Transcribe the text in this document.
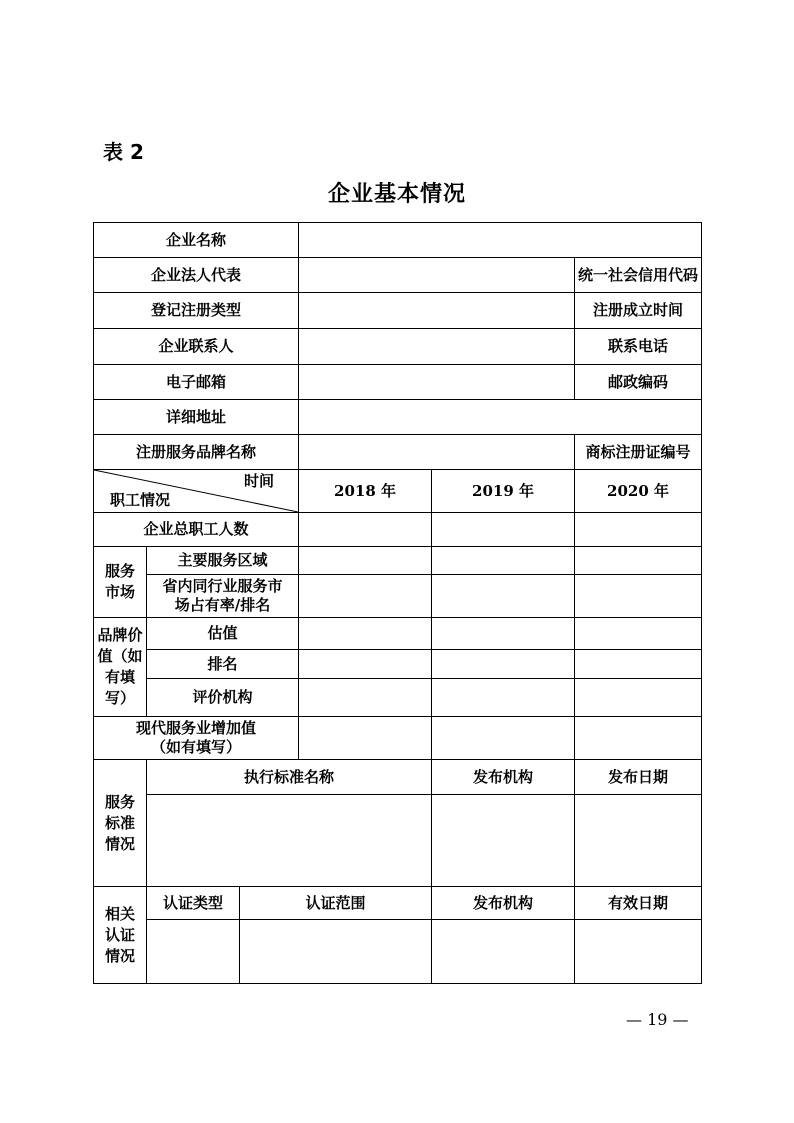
表 2
企业基本情况
企业名称						
企业法人代表					统一社会信用代码	
登记注册类型					注册成立时间	
企业联系人					联系电话	
电子邮箱					邮政编码	
详细地址						
注册服务品牌名称					商标注册证编号	

时间
职工情况			2018 年	2019 年	2020 年	
企业总职工人数						

服务市场	主要服务区域					

	省内同行业服务市场占有率/排名					

品牌价值（如有填写）	估值					
	排名					
	评价机构					

现代服务业增加值（如有填写）						

服务标准情况	执行标准名称			发布机构	发布日期	

相关认证情况	认证类型	认证范围		发布机构	有效日期	

— 19 —
